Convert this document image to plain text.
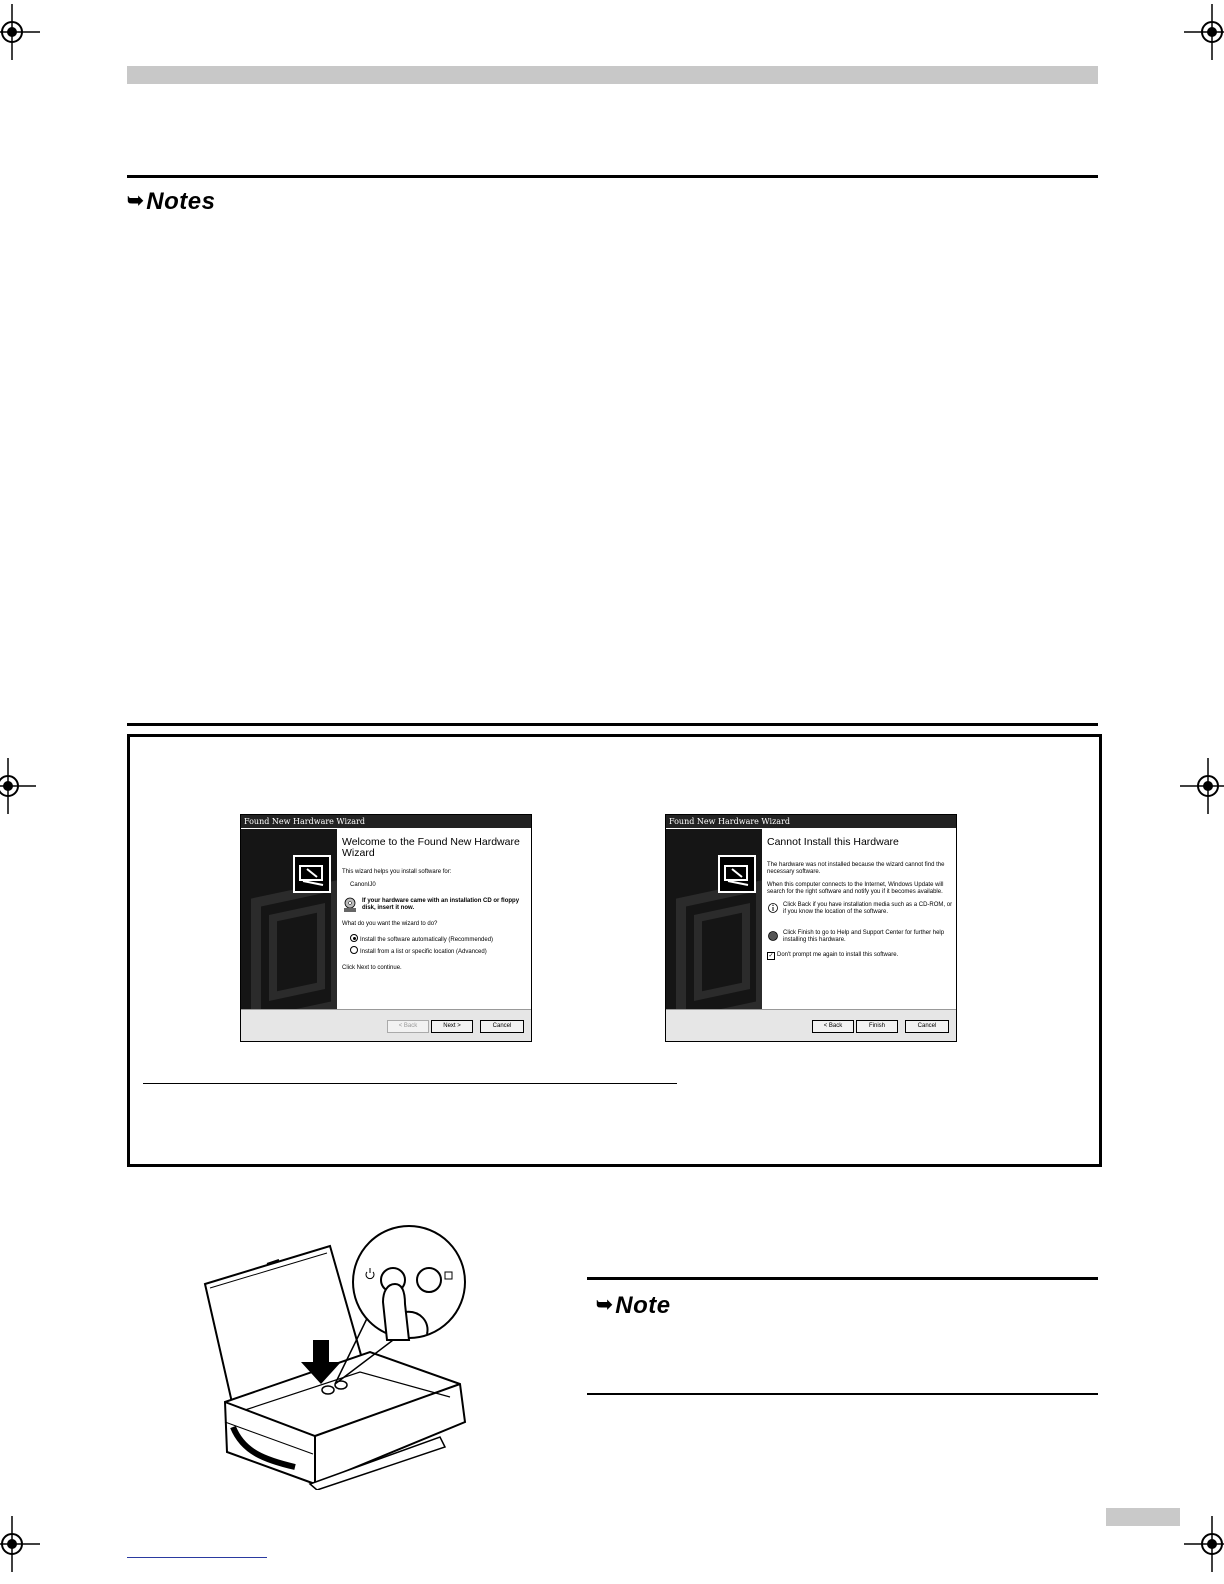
➥Notes
Found New Hardware Wizard
Welcome to the Found New Hardware Wizard

This wizard helps you install software for:

CanonIJ0

If your hardware came with an installation CD or floppy disk, insert it now.

What do you want the wizard to do?

Install the software automatically (Recommended)
Install from a list or specific location (Advanced)

Click Next to continue.

< Back	Next >	Cancel
Found New Hardware Wizard
Cannot Install this Hardware

The hardware was not installed because the wizard cannot find the necessary software.

When this computer connects to the Internet, Windows Update will search for the right software and notify you if it becomes available.

Click Back if you have installation media such as a CD-ROM, or if you know the location of the software.
Click Finish to go to Help and Support Center for further help installing this hardware.
✓ Don't prompt me again to install this software.
< Back	Finish	Cancel
➥Note
